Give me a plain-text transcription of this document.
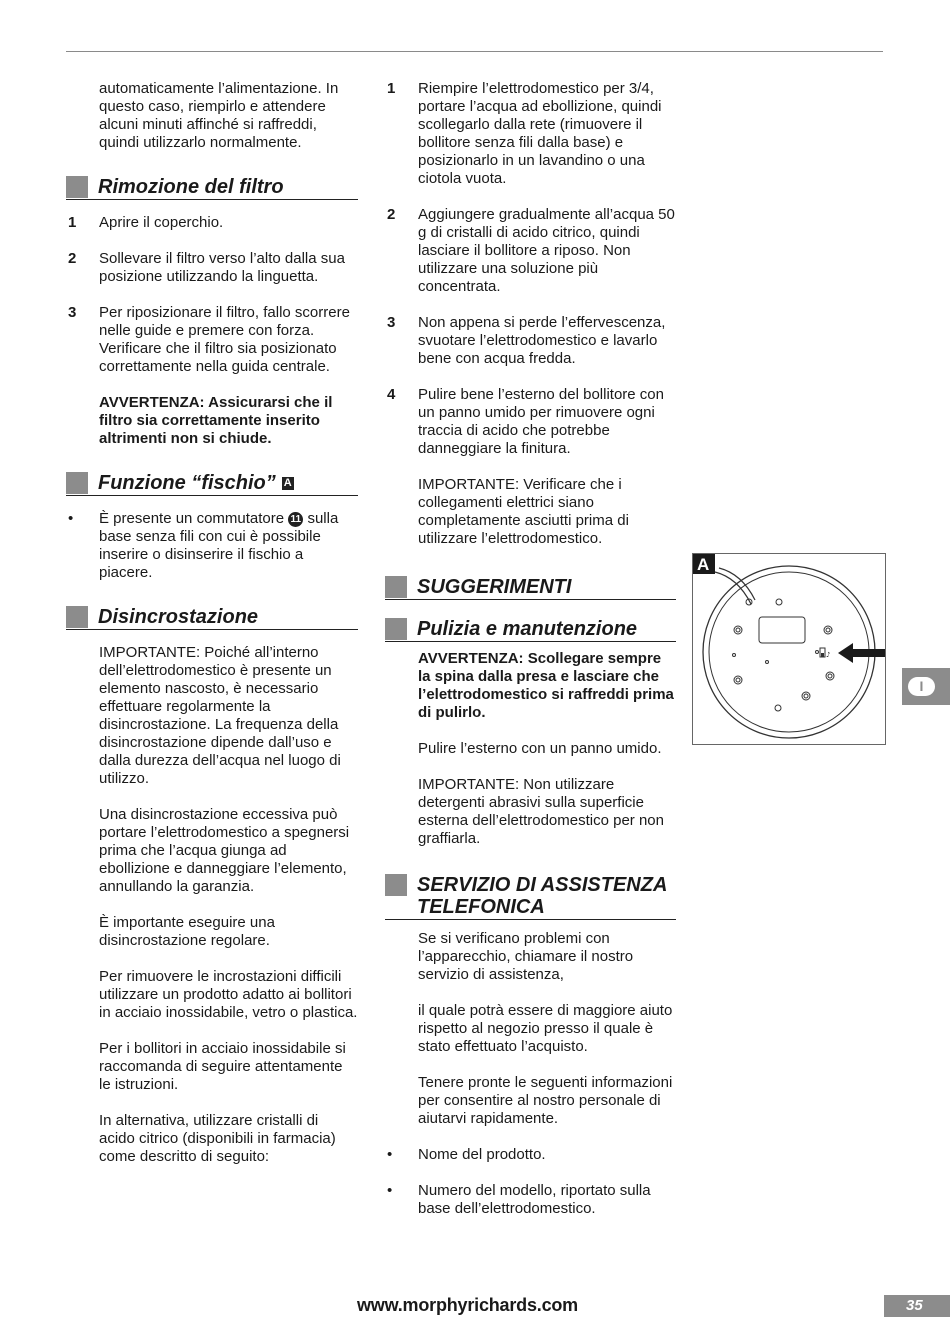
automaticamente l’alimentazione. In questo caso, riempirlo e attendere alcuni minuti affinché si raffreddi, quindi utilizzarlo normalmente.

Rimozione del filtro
1 Aprire il coperchio.
2 Sollevare il filtro verso l’alto dalla sua posizione utilizzando la linguetta.
3 Per riposizionare il filtro, fallo scorrere nelle guide e premere con forza. Verificare che il filtro sia posizionato correttamente nella guida centrale.

AVVERTENZA: Assicurarsi che il filtro sia correttamente inserito altrimenti non si chiude.

Funzione “fischio” A
• È presente un commutatore 11 sulla base senza fili con cui è possibile inserire o disinserire il fischio a piacere.
Disincrostazione

IMPORTANTE: Poiché all’interno dell’elettrodomestico è presente un elemento nascosto, è necessario effettuare regolarmente la disincrostazione. La frequenza della disincrostazione dipende dall’uso e dalla durezza dell’acqua nel luogo di utilizzo.

Una disincrostazione eccessiva può portare l’elettrodomestico a spegnersi prima che l’acqua giunga ad ebollizione e danneggiare l’elemento, annullando la garanzia.

È importante eseguire una disincrostazione regolare.

Per rimuovere le incrostazioni difficili utilizzare un prodotto adatto ai bollitori in acciaio inossidabile, vetro o plastica.

Per i bollitori in acciaio inossidabile si raccomanda di seguire attentamente le istruzioni.

In alternativa, utilizzare cristalli di acido citrico (disponibili in farmacia) come descritto di seguito:

1 Riempire l’elettrodomestico per 3/4, portare l’acqua ad ebollizione, quindi scollegarlo dalla rete (rimuovere il bollitore senza fili dalla base) e posizionarlo in un lavandino o una ciotola vuota.
2 Aggiungere gradualmente all’acqua 50 g di cristalli di acido citrico, quindi lasciare il bollitore a riposo. Non utilizzare una soluzione più concentrata.
3 Non appena si perde l’effervescenza, svuotare l’elettrodomestico e lavarlo bene con acqua fredda.
4 Pulire bene l’esterno del bollitore con un panno umido per rimuovere ogni traccia di acido che potrebbe danneggiare la finitura.

IMPORTANTE: Verificare che i collegamenti elettrici siano completamente asciutti prima di utilizzare l’elettrodomestico.

SUGGERIMENTI
Pulizia e manutenzione

AVVERTENZA: Scollegare sempre la spina dalla presa e lasciare che l’elettrodomestico si raffreddi prima di pulirlo.

Pulire l’esterno con un panno umido.

IMPORTANTE: Non utilizzare detergenti abrasivi sulla superficie esterna dell’elettrodomestico per non graffiarla.

SERVIZIO DI ASSISTENZA
TELEFONICA

Se si verificano problemi con l’apparecchio, chiamare il nostro servizio di assistenza,

il quale potrà essere di maggiore aiuto rispetto al negozio presso il quale è stato effettuato l’acquisto.

Tenere pronte le seguenti informazioni per consentire al nostro personale di aiutarvi rapidamente.

• Nome del prodotto.
• Numero del modello, riportato sulla base dell’elettrodomestico.
A
♪
I
www.morphyrichards.com	35
